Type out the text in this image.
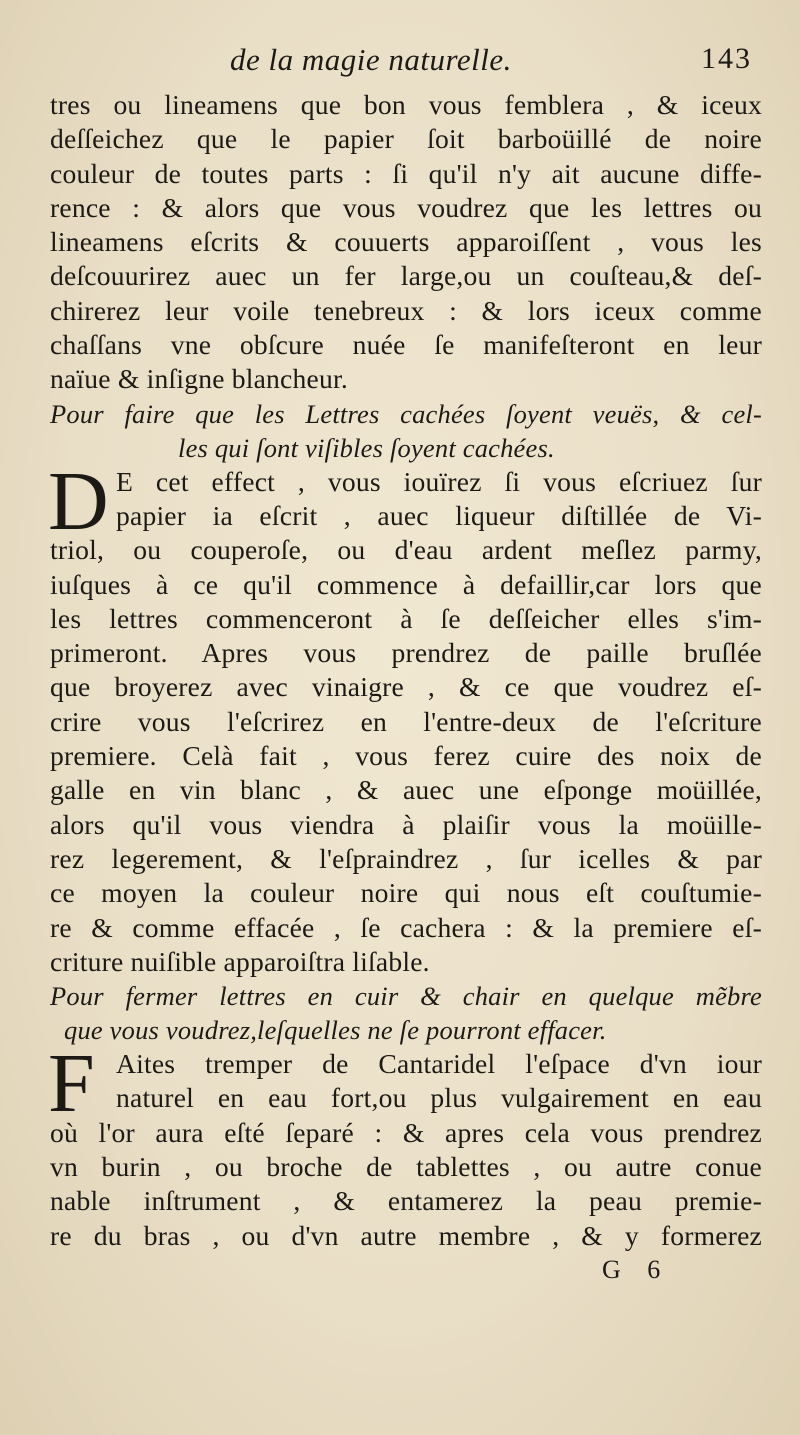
de la magie naturelle.	143
tres ou lineamens que bon vous femblera , & iceux
deſſeichez que le papier ſoit barboüillé de noire
couleur de toutes parts : ſi qu'il n'y ait aucune diffe-
rence : & alors que vous voudrez que les lettres ou
lineamens eſcrits & couuerts apparoiſſent , vous les
deſcouurirez auec un fer large,ou un couſteau,& deſ-
chirerez leur voile tenebreux : & lors iceux comme
chaſſans vne obſcure nuée ſe manifeſteront en leur
naïue & inſigne blancheur.
Pour faire que les Lettres cachées ſoyent veuës, & cel-
les qui ſont viſibles ſoyent cachées.
D E cet effect , vous iouïrez ſi vous eſcriuez ſur
papier ia eſcrit , auec liqueur diſtillée de Vi-
triol, ou couperoſe, ou d'eau ardent meſlez parmy,
iuſques à ce qu'il commence à defaillir,car lors que
les lettres commenceront à ſe deſſeicher elles s'im-
primeront. Apres vous prendrez de paille bruſlée
que broyerez avec vinaigre , & ce que voudrez eſ-
crire vous l'eſcrirez en l'entre-deux de l'eſcriture
premiere. Celà fait , vous ferez cuire des noix de
galle en vin blanc , & auec une eſponge moüillée,
alors qu'il vous viendra à plaiſir vous la moüille-
rez legerement, & l'eſpraindrez , ſur icelles & par
ce moyen la couleur noire qui nous eſt couſtumie-
re & comme effacée , ſe cachera : & la premiere eſ-
criture nuiſible apparoiſtra liſable.
Pour fermer lettres en cuir & chair en quelque mẽbre
que vous voudrez,leſquelles ne ſe pourront effacer.
F Aites tremper de Cantaridel l'eſpace d'vn iour
naturel en eau fort,ou plus vulgairement en eau
où l'or aura eſté ſeparé : & apres cela vous prendrez
vn burin , ou broche de tablettes , ou autre conue
nable inſtrument , & entamerez la peau premie-
re du bras , ou d'vn autre membre , & y formerez
G 6
